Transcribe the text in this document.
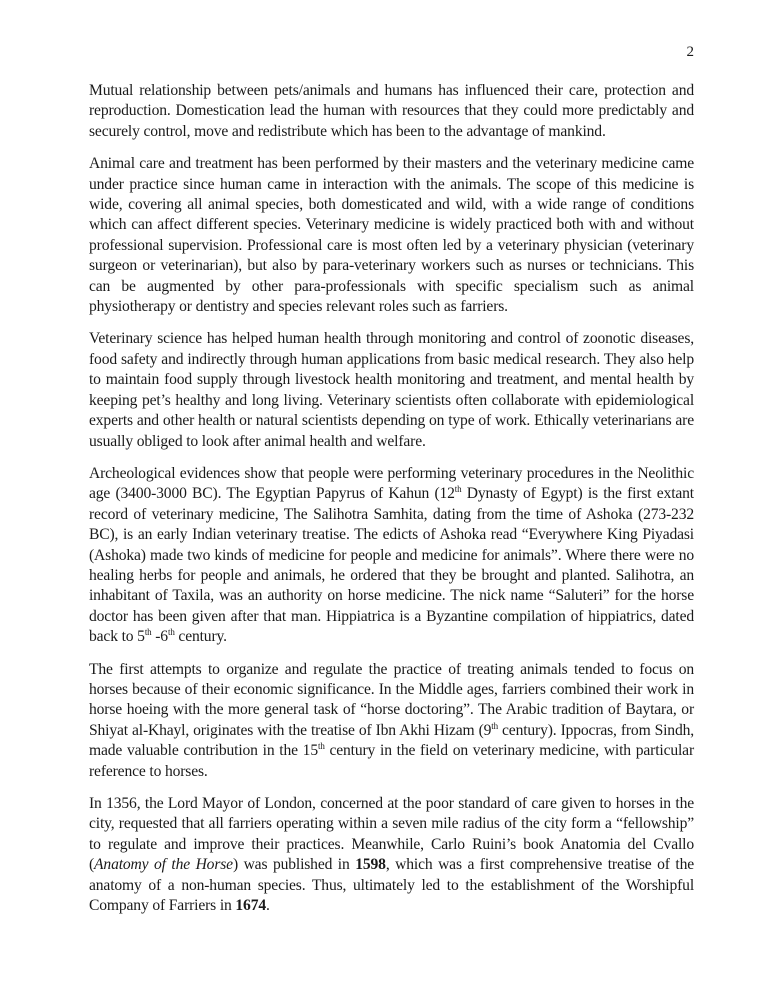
2

Mutual relationship between pets/animals and humans has influenced their care, protection and reproduction. Domestication lead the human with resources that they could more predictably and securely control, move and redistribute which has been to the advantage of mankind.

Animal care and treatment has been performed by their masters and the veterinary medicine came under practice since human came in interaction with the animals. The scope of this medicine is wide, covering all animal species, both domesticated and wild, with a wide range of conditions which can affect different species. Veterinary medicine is widely practiced both with and without professional supervision. Professional care is most often led by a veterinary physician (veterinary surgeon or veterinarian), but also by para-veterinary workers such as nurses or technicians. This can be augmented by other para-professionals with specific specialism such as animal physiotherapy or dentistry and species relevant roles such as farriers.

Veterinary science has helped human health through monitoring and control of zoonotic diseases, food safety and indirectly through human applications from basic medical research. They also help to maintain food supply through livestock health monitoring and treatment, and mental health by keeping pet’s healthy and long living. Veterinary scientists often collaborate with epidemiological experts and other health or natural scientists depending on type of work. Ethically veterinarians are usually obliged to look after animal health and welfare.

Archeological evidences show that people were performing veterinary procedures in the Neolithic age (3400-3000 BC). The Egyptian Papyrus of Kahun (12th Dynasty of Egypt) is the first extant record of veterinary medicine, The Salihotra Samhita, dating from the time of Ashoka (273-232 BC), is an early Indian veterinary treatise. The edicts of Ashoka read “Everywhere King Piyadasi (Ashoka) made two kinds of medicine for people and medicine for animals”. Where there were no healing herbs for people and animals, he ordered that they be brought and planted. Salihotra, an inhabitant of Taxila, was an authority on horse medicine. The nick name “Saluteri” for the horse doctor has been given after that man. Hippiatrica is a Byzantine compilation of hippiatrics, dated back to 5th -6th century.

The first attempts to organize and regulate the practice of treating animals tended to focus on horses because of their economic significance. In the Middle ages, farriers combined their work in horse hoeing with the more general task of “horse doctoring”. The Arabic tradition of Baytara, or Shiyat al-Khayl, originates with the treatise of Ibn Akhi Hizam (9th century). Ippocras, from Sindh, made valuable contribution in the 15th century in the field on veterinary medicine, with particular reference to horses.

In 1356, the Lord Mayor of London, concerned at the poor standard of care given to horses in the city, requested that all farriers operating within a seven mile radius of the city form a “fellowship” to regulate and improve their practices. Meanwhile, Carlo Ruini’s book Anatomia del Cvallo (Anatomy of the Horse) was published in 1598, which was a first comprehensive treatise of the anatomy of a non-human species. Thus, ultimately led to the establishment of the Worshipful Company of Farriers in 1674.
